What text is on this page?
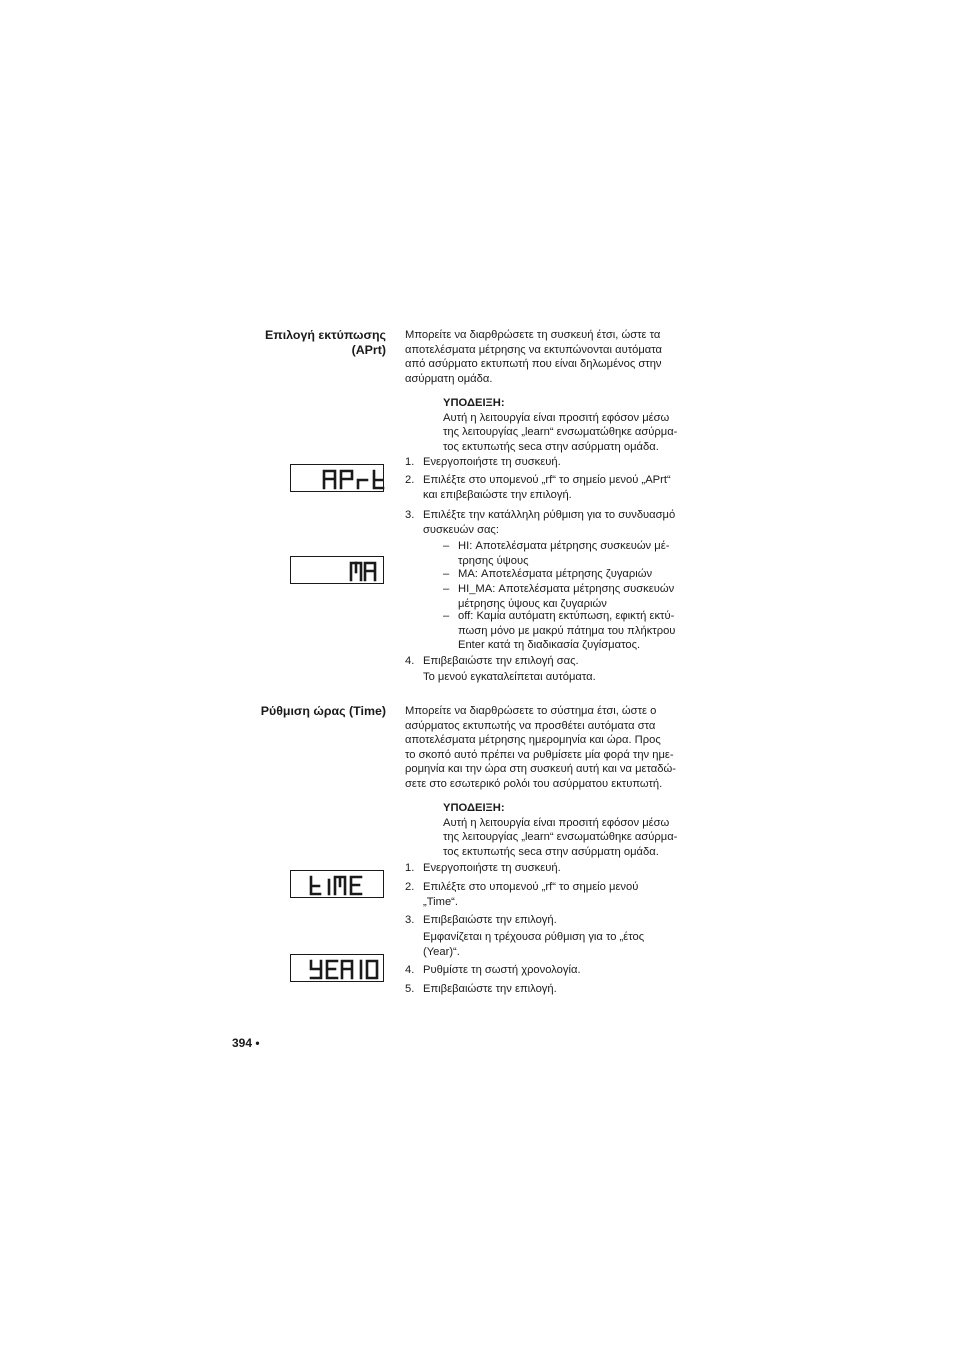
Επιλογή εκτύπωσης
(APrt)
Μπορείτε να διαρθρώσετε τη συσκευή έτσι, ώστε τα
αποτελέσματα μέτρησης να εκτυπώνονται αυτόματα
από ασύρματο εκτυπωτή που είναι δηλωμένος στην
ασύρματη ομάδα.
ΥΠΟΔΕΙΞΗ:
Αυτή η λειτουργία είναι προσιτή εφόσον μέσω
της λειτουργίας „learn“ ενσωματώθηκε ασύρμα-
τος εκτυπωτής seca στην ασύρματη ομάδα.
1. Ενεργοποιήστε τη συσκευή.
2. Επιλέξτε στο υπομενού „rf“ το σημείο μενού „APrt“
και επιβεβαιώστε την επιλογή.
3. Επιλέξτε την κατάλληλη ρύθμιση για το συνδυασμό
συσκευών σας:
– HI: Αποτελέσματα μέτρησης συσκευών μέ-
τρησης ύψους
– MA: Αποτελέσματα μέτρησης ζυγαριών
– HI_MA: Αποτελέσματα μέτρησης συσκευών
μέτρησης ύψους και ζυγαριών
– off: Καμία αυτόματη εκτύπωση, εφικτή εκτύ-
πωση μόνο με μακρύ πάτημα του πλήκτρου
Enter κατά τη διαδικασία ζυγίσματος.
4. Επιβεβαιώστε την επιλογή σας.
Το μενού εγκαταλείπεται αυτόματα.
Ρύθμιση ώρας (Time) Μπορείτε να διαρθρώσετε το σύστημα έτσι, ώστε ο
ασύρματος εκτυπωτής να προσθέτει αυτόματα στα
αποτελέσματα μέτρησης ημερομηνία και ώρα. Προς
το σκοπό αυτό πρέπει να ρυθμίσετε μία φορά την ημε-
ρομηνία και την ώρα στη συσκευή αυτή και να μεταδώ-
σετε στο εσωτερικό ρολόι του ασύρματου εκτυπωτή.
ΥΠΟΔΕΙΞΗ:
Αυτή η λειτουργία είναι προσιτή εφόσον μέσω
της λειτουργίας „learn“ ενσωματώθηκε ασύρμα-
τος εκτυπωτής seca στην ασύρματη ομάδα.
1. Ενεργοποιήστε τη συσκευή.
2. Επιλέξτε στο υπομενού „rf“ το σημείο μενού
„Time“.
3. Επιβεβαιώστε την επιλογή.
Εμφανίζεται η τρέχουσα ρύθμιση για το „έτος
(Year)“.
4. Ρυθμίστε τη σωστή χρονολογία.
5. Επιβεβαιώστε την επιλογή.
394 •
